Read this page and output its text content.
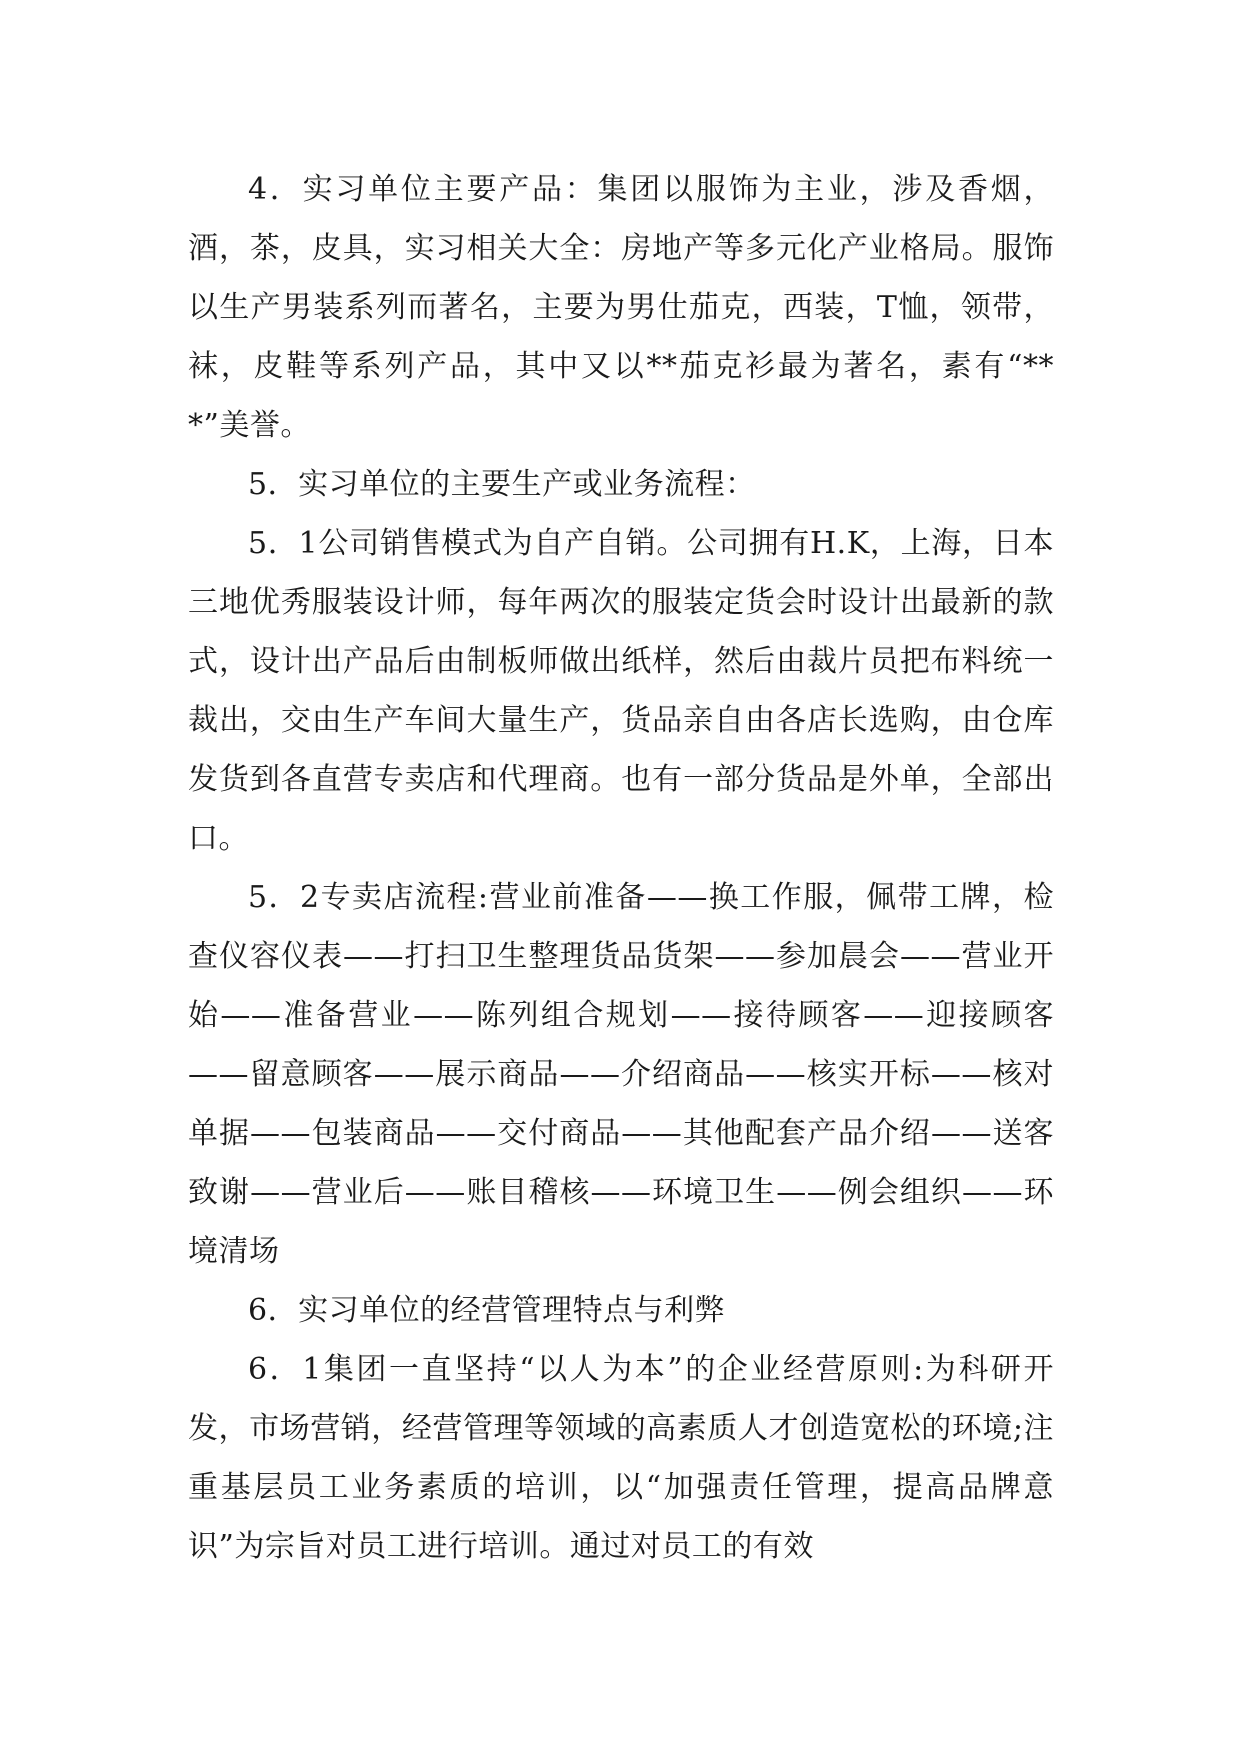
4．实习单位主要产品：集团以服饰为主业，涉及香烟，酒，茶，皮具，实习相关大全：房地产等多元化产业格局。服饰以生产男装系列而著名，主要为男仕茄克，西装，T恤，领带，袜，皮鞋等系列产品，其中又以**茄克衫最为著名，素有“***”美誉。

5．实习单位的主要生产或业务流程：

5．1公司销售模式为自产自销。公司拥有H.K，上海，日本三地优秀服装设计师，每年两次的服装定货会时设计出最新的款式，设计出产品后由制板师做出纸样，然后由裁片员把布料统一裁出，交由生产车间大量生产，货品亲自由各店长选购，由仓库发货到各直营专卖店和代理商。也有一部分货品是外单，全部出口。

5．2专卖店流程:营业前准备——换工作服，佩带工牌，检查仪容仪表——打扫卫生整理货品货架——参加晨会——营业开始——准备营业——陈列组合规划——接待顾客——迎接顾客——留意顾客——展示商品——介绍商品——核实开标——核对单据——包装商品——交付商品——其他配套产品介绍——送客致谢——营业后——账目稽核——环境卫生——例会组织——环境清场

6．实习单位的经营管理特点与利弊

6．1集团一直坚持“以人为本”的企业经营原则:为科研开发，市场营销，经营管理等领域的高素质人才创造宽松的环境;注重基层员工业务素质的培训，以“加强责任管理，提高品牌意识”为宗旨对员工进行培训。通过对员工的有效
